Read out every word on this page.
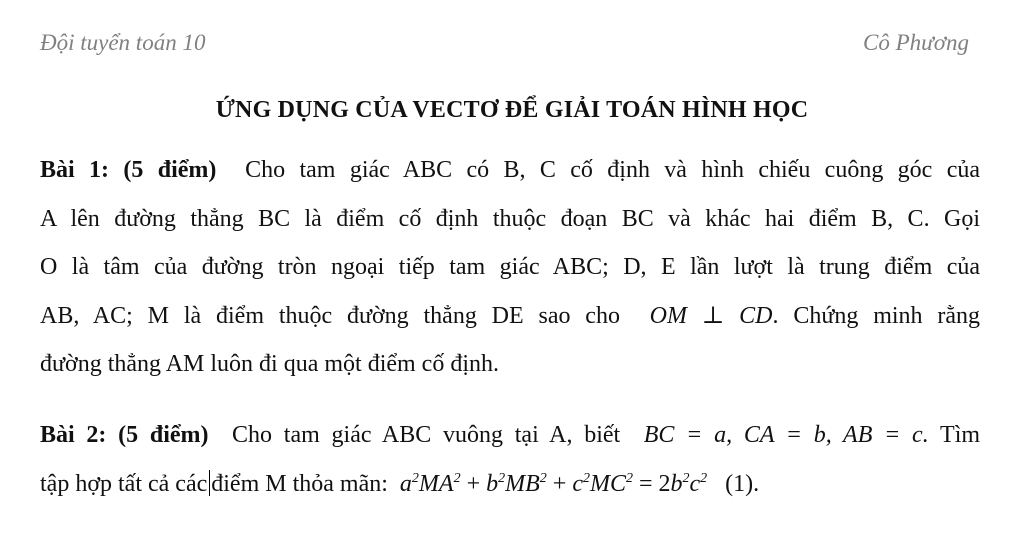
Đội tuyển toán 10	Cô Phương
ỨNG DỤNG CỦA VECTƠ ĐỂ GIẢI TOÁN HÌNH HỌC
Bài 1: (5 điểm) Cho tam giác ABC có B, C cố định và hình chiếu cuông góc của
A lên đường thẳng BC là điểm cố định thuộc đoạn BC và khác hai điểm B, C. Gọi
O là tâm của đường tròn ngoại tiếp tam giác ABC; D, E lần lượt là trung điểm của
AB, AC; M là điểm thuộc đường thẳng DE sao cho OM ⊥ CD. Chứng minh rằng
đường thẳng AM luôn đi qua một điểm cố định.
Bài 2: (5 điểm) Cho tam giác ABC vuông tại A, biết BC = a, CA = b, AB = c. Tìm
tập hợp tất cả các điểm M thỏa mãn: $a^2MA^2 + b^2MB^2 + c^2MC^2 = 2b^2c^2$ (1).
